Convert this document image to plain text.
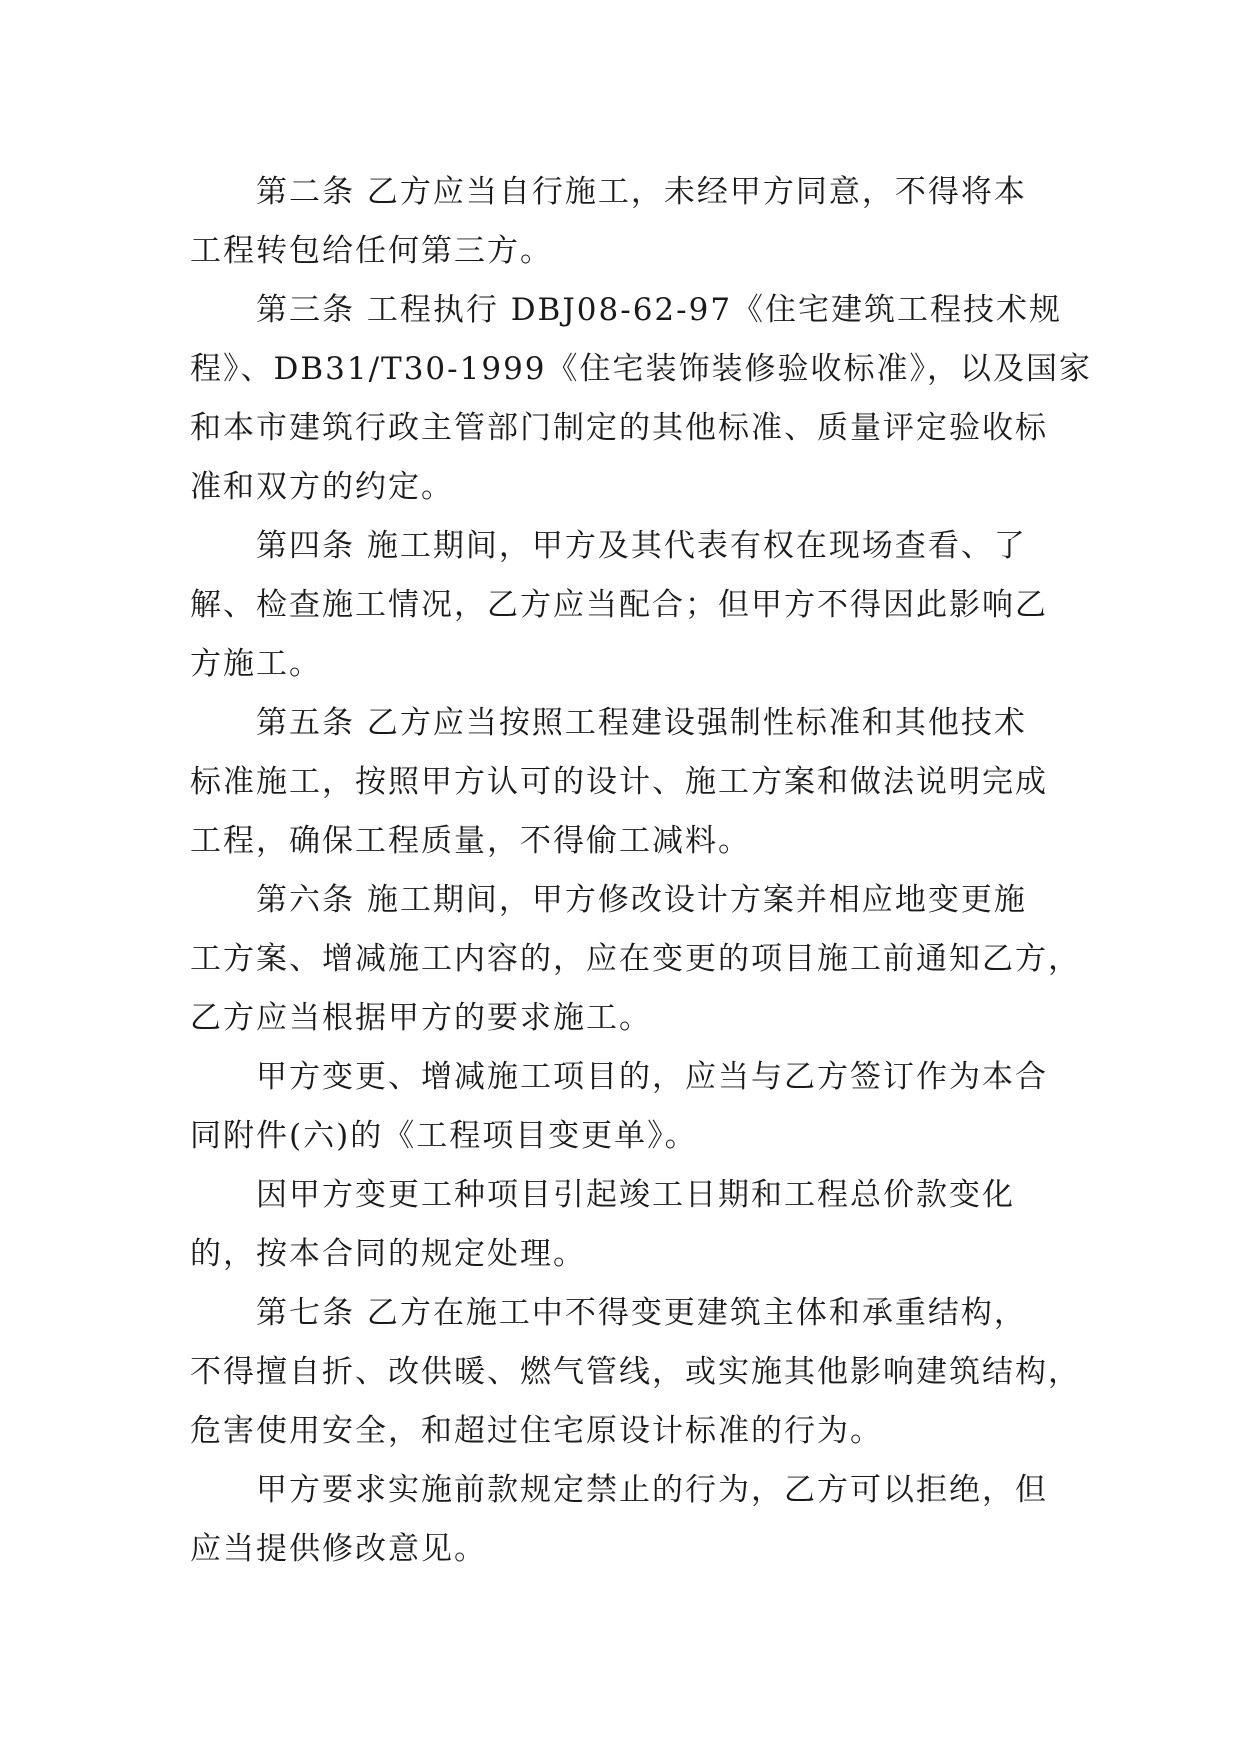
第二条 乙方应当自行施工，未经甲方同意，不得将本
工程转包给任何第三方。

第三条 工程执行 DBJ08-62-97《住宅建筑工程技术规
程》、DB31/T30-1999《住宅装饰装修验收标准》，以及国家
和本市建筑行政主管部门制定的其他标准、质量评定验收标
准和双方的约定。

第四条 施工期间，甲方及其代表有权在现场查看、了
解、检查施工情况，乙方应当配合；但甲方不得因此影响乙
方施工。

第五条 乙方应当按照工程建设强制性标准和其他技术
标准施工，按照甲方认可的设计、施工方案和做法说明完成
工程，确保工程质量，不得偷工减料。

第六条 施工期间，甲方修改设计方案并相应地变更施
工方案、增减施工内容的，应在变更的项目施工前通知乙方，
乙方应当根据甲方的要求施工。

甲方变更、增减施工项目的，应当与乙方签订作为本合
同附件(六)的《工程项目变更单》。

因甲方变更工种项目引起竣工日期和工程总价款变化
的，按本合同的规定处理。

第七条 乙方在施工中不得变更建筑主体和承重结构，
不得擅自折、改供暖、燃气管线，或实施其他影响建筑结构，
危害使用安全，和超过住宅原设计标准的行为。

甲方要求实施前款规定禁止的行为，乙方可以拒绝，但
应当提供修改意见。
